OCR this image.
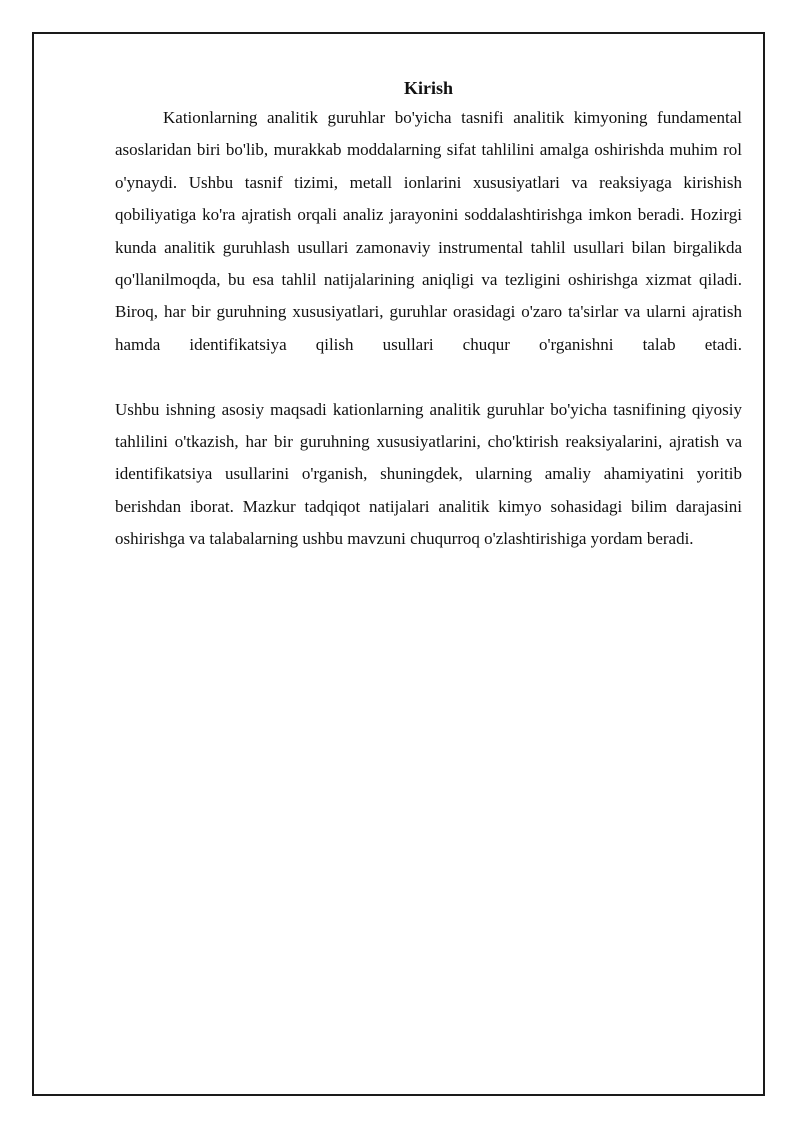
Kirish

Kationlarning analitik guruhlar bo'yicha tasnifi analitik kimyoning fundamental asoslaridan biri bo'lib, murakkab moddalarning sifat tahlilini amalga oshirishda muhim rol o'ynaydi. Ushbu tasnif tizimi, metall ionlarini xususiyatlari va reaksiyaga kirishish qobiliyatiga ko'ra ajratish orqali analiz jarayonini soddalashtirishga imkon beradi. Hozirgi kunda analitik guruhlash usullari zamonaviy instrumental tahlil usullari bilan birgalikda qo'llanilmoqda, bu esa tahlil natijalarining aniqligi va tezligini oshirishga xizmat qiladi. Biroq, har bir guruhning xususiyatlari, guruhlar orasidagi o'zaro ta'sirlar va ularni ajratish hamda identifikatsiya qilish usullari chuqur o'rganishni talab etadi.

Ushbu ishning asosiy maqsadi kationlarning analitik guruhlar bo'yicha tasnifining qiyosiy tahlilini o'tkazish, har bir guruhning xususiyatlarini, cho'ktirish reaksiyalarini, ajratish va identifikatsiya usullarini o'rganish, shuningdek, ularning amaliy ahamiyatini yoritib berishdan iborat. Mazkur tadqiqot natijalari analitik kimyo sohasidagi bilim darajasini oshirishga va talabalarning ushbu mavzuni chuqurroq o'zlashtirishiga yordam beradi.
